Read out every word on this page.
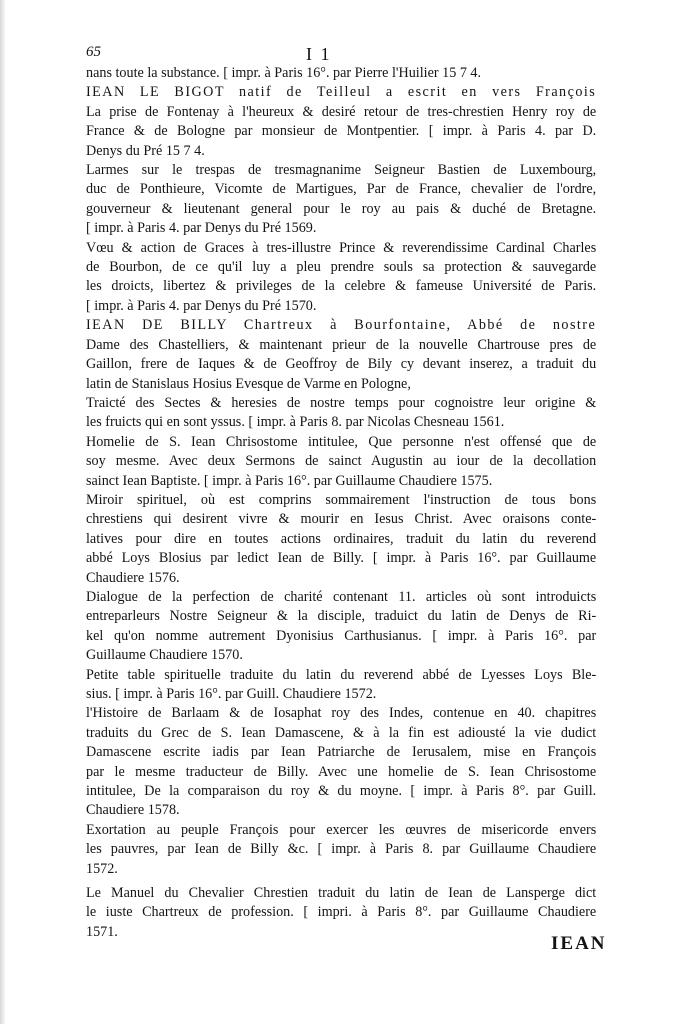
65	I 1

nans toute la substance. [ impr. à Paris 16°. par Pierre l'Huilier 15 7 4.

IEAN LE BIGOT natif de Teilleul a escrit en vers François
La prise de Fontenay à l'heureux & desiré retour de tres-chrestien Henry roy de
France & de Bologne par monsieur de Montpentier. [ impr. à Paris 4. par D.
Denys du Pré 15 7 4.

Larmes sur le trespas de tresmagnanime Seigneur Bastien de Luxembourg,
duc de Ponthieure, Vicomte de Martigues, Par de France, chevalier de l'ordre,
gouverneur & lieutenant general pour le roy au pais & duché de Bretagne.
[ impr. à Paris 4. par Denys du Pré 1569.

Vœu & action de Graces à tres-illustre Prince & reverendissime Cardinal Charles
de Bourbon, de ce qu'il luy a pleu prendre souls sa protection & sauvegarde
les droicts, libertez & privileges de la celebre & fameuse Université de Paris.
[ impr. à Paris 4. par Denys du Pré 1570.

IEAN DE BILLY Chartreux à Bourfontaine, Abbé de nostre
Dame des Chastelliers, & maintenant prieur de la nouvelle Chartrouse pres de
Gaillon, frere de Iaques & de Geoffroy de Bily cy devant inserez, a traduit du
latin de Stanislaus Hosius Evesque de Varme en Pologne,

Traicté des Sectes & heresies de nostre temps pour cognoistre leur origine &
les fruicts qui en sont yssus. [ impr. à Paris 8. par Nicolas Chesneau 1561.

Homelie de S. Iean Chrisostome intitulee, Que personne n'est offensé que de
soy mesme. Avec deux Sermons de sainct Augustin au iour de la decollation
sainct Iean Baptiste. [ impr. à Paris 16°. par Guillaume Chaudiere 1575.

Miroir spirituel, où est comprins sommairement l'instruction de tous bons
chrestiens qui desirent vivre & mourir en Iesus Christ. Avec oraisons conte-
latives pour dire en toutes actions ordinaires, traduit du latin du reverend
abbé Loys Blosius par ledict Iean de Billy. [ impr. à Paris 16°. par Guillaume
Chaudiere 1576.

Dialogue de la perfection de charité contenant 11. articles où sont introduicts
entreparleurs Nostre Seigneur & la disciple, traduict du latin de Denys de Ri-
kel qu'on nomme autrement Dyonisius Carthusianus. [ impr. à Paris 16°. par
Guillaume Chaudiere 1570.

Petite table spirituelle traduite du latin du reverend abbé de Lyesses Loys Ble-
sius. [ impr. à Paris 16°. par Guill. Chaudiere 1572.

l'Histoire de Barlaam & de Iosaphat roy des Indes, contenue en 40. chapitres
traduits du Grec de S. Iean Damascene, & à la fin est adiousté la vie dudict
Damascene escrite iadis par Iean Patriarche de Ierusalem, mise en François
par le mesme traducteur de Billy. Avec une homelie de S. Iean Chrisostome
intitulee, De la comparaison du roy & du moyne. [ impr. à Paris 8°. par Guill.
Chaudiere 1578.

Exortation au peuple François pour exercer les œuvres de misericorde envers
les pauvres, par Iean de Billy &c. [ impr. à Paris 8. par Guillaume Chaudiere
1572.

Le Manuel du Chevalier Chrestien traduit du latin de Iean de Lansperge dict
le iuste Chartreux de profession. [ impri. à Paris 8°. par Guillaume Chaudiere
1571.

IEAN
